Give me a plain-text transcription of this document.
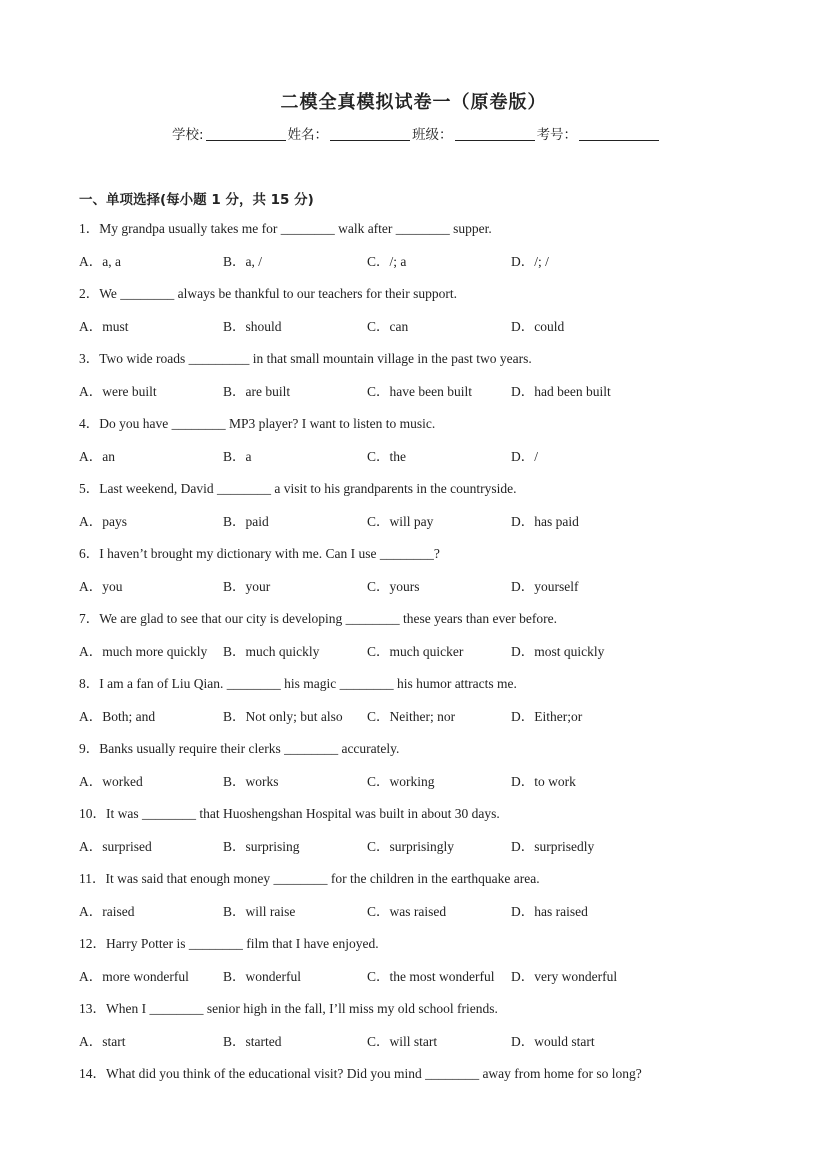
二模全真模拟试卷一（原卷版）
学校:	姓名：	班级：	考号：
一、单项选择(每小题 1 分，共 15 分)
1．My grandpa usually takes me for ________ walk after ________ supper.
A．a, a	B．a, /	C．/; a	D．/; /
2．We ________ always be thankful to our teachers for their support.
A．must	B．should	C．can	D．could
3．Two wide roads _________ in that small mountain village in the past two years.
A．were built	B．are built	C．have been built	D．had been built
4．Do you have ________ MP3 player? I want to listen to music.
A．an	B．a	C．the	D．/
5．Last weekend, David ________ a visit to his grandparents in the countryside.
A．pays	B．paid	C．will pay	D．has paid
6．I haven’t brought my dictionary with me. Can I use ________?
A．you	B．your	C．yours	D．yourself
7．We are glad to see that our city is developing ________ these years than ever before.
A．much more quickly B．much quickly	C．much quicker	D．most quickly
8．I am a fan of Liu Qian. ________ his magic ________ his humor attracts me.
A．Both; and	B．Not only; but also C．Neither; nor	D．Either;or
9．Banks usually require their clerks ________ accurately.
A．worked	B．works	C．working	D．to work
10．It was ________ that Huoshengshan Hospital was built in about 30 days.
A．surprised	B．surprising	C．surprisingly	D．surprisedly
11．It was said that enough money ________ for the children in the earthquake area.
A．raised	B．will raise	C．was raised	D．has raised
12．Harry Potter is ________ film that I have enjoyed.
A．more wonderful	B．wonderful	C．the most wonderful D．very wonderful
13．When I ________ senior high in the fall, I’ll miss my old school friends.
A．start	B．started	C．will start	D．would start
14．What did you think of the educational visit? Did you mind ________ away from home for so long?
